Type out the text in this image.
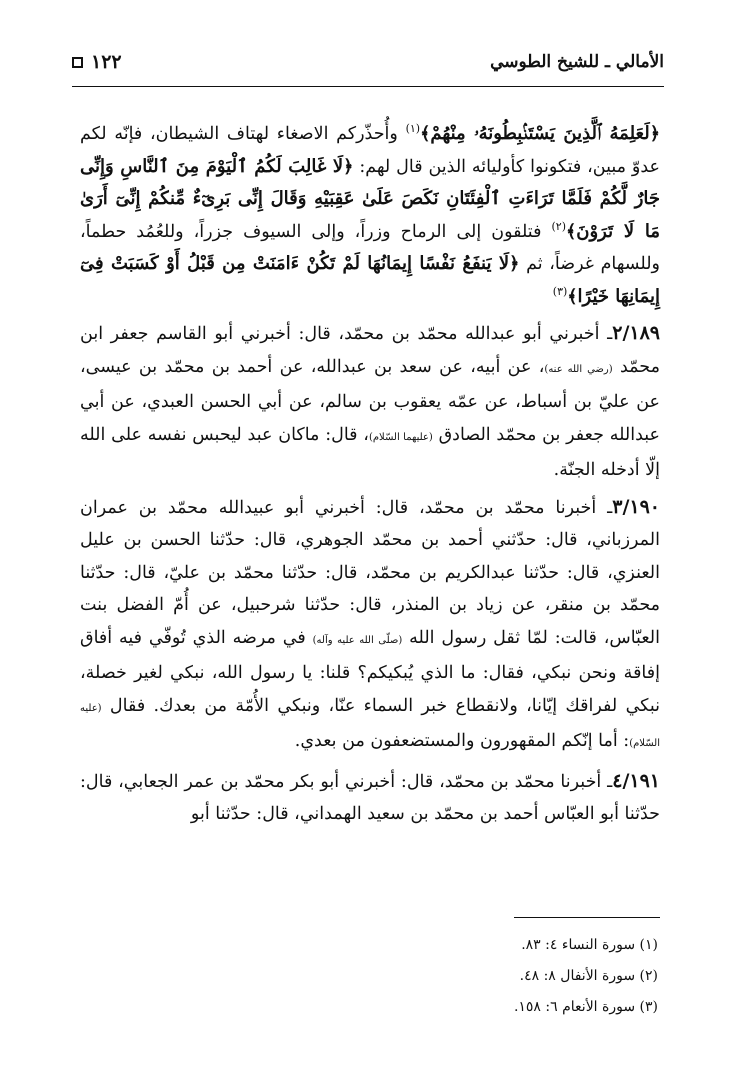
الأمالي ـ للشيخ الطوسي
١٢٢

﴿لَعَلِمَهُ ٱلَّذِينَ يَسْتَنۢبِطُونَهُۥ مِنْهُمْ﴾$^{(١)}$ وأُحذّركم الاصغاء لهتاف الشيطان، فإنّه لكم عدوّ مبين، فتكونوا كأوليائه الذين قال لهم: ﴿لَا غَالِبَ لَكُمُ ٱلْيَوْمَ مِنَ ٱلنَّاسِ وَإِنِّى جَارٌ لَّكُمْ فَلَمَّا تَرَاءَتِ ٱلْفِئَتَانِ نَكَصَ عَلَىٰ عَقِبَيْهِ وَقَالَ إِنِّى بَرِىٓءٌ مِّنكُمْ إِنِّىٓ أَرَىٰ مَا لَا تَرَوْنَ﴾$^{(٢)}$ فتلقون إلى الرماح وزراً، وإلى السيوف جزراً، وللعُمُد حطماً، وللسهام غرضاً، ثم ﴿لَا يَنفَعُ نَفْسًا إِيمَانُهَا لَمْ تَكُنْ ءَامَنَتْ مِن قَبْلُ أَوْ كَسَبَتْ فِىٓ إِيمَانِهَا خَيْرًا﴾$^{(٣)}$

٢/١٨٩ـ أخبرني أبو عبدالله محمّد بن محمّد، قال: أخبرني أبو القاسم جعفر ابن محمّد (رضي الله عنه)، عن أبيه، عن سعد بن عبدالله، عن أحمد بن محمّد بن عيسى، عن عليّ بن أسباط، عن عمّه يعقوب بن سالم، عن أبي الحسن العبدي، عن أبي عبدالله جعفر بن محمّد الصادق (عليهما السّلام)، قال: ماكان عبد ليحبس نفسه على الله إلّا أدخله الجنّة.

٣/١٩٠ـ أخبرنا محمّد بن محمّد، قال: أخبرني أبو عبيدالله محمّد بن عمران المرزباني، قال: حدّثني أحمد بن محمّد الجوهري، قال: حدّثنا الحسن بن عليل العنزي، قال: حدّثنا عبدالكريم بن محمّد، قال: حدّثنا محمّد بن عليّ، قال: حدّثنا محمّد بن منقر، عن زياد بن المنذر، قال: حدّثنا شرحبيل، عن أُمّ الفضل بنت العبّاس، قالت: لمّا ثقل رسول الله (صلّى الله عليه وآله) في مرضه الذي تُوفّي فيه أفاق إفاقة ونحن نبكي، فقال: ما الذي يُبكيكم؟ قلنا: يا رسول الله، نبكي لغير خصلة، نبكي لفراقك إيّانا، ولانقطاع خبر السماء عنّا، ونبكي الأُمّة من بعدك. فقال (عليه السّلام): أما إنّكم المقهورون والمستضعفون من بعدي.

٤/١٩١ـ أخبرنا محمّد بن محمّد، قال: أخبرني أبو بكر محمّد بن عمر الجعابي، قال: حدّثنا أبو العبّاس أحمد بن محمّد بن سعيد الهمداني، قال: حدّثنا أبو

(١) سورة النساء ٤: ٨٣.
(٢) سورة الأنفال ٨: ٤٨.
(٣) سورة الأنعام ٦: ١٥٨.
